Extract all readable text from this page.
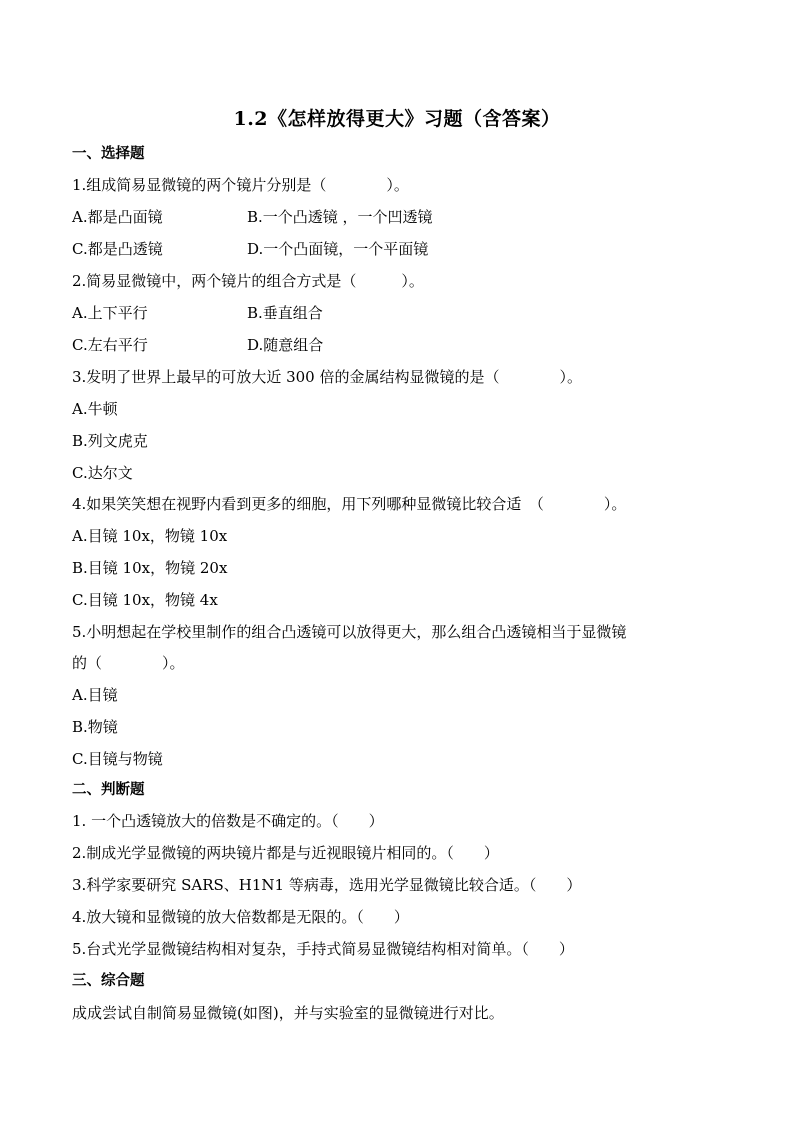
1.2《怎样放得更大》习题（含答案）
一、选择题
1.组成简易显微镜的两个镜片分别是（　　　　）。
A.都是凸面镜	B.一个凸透镜 ，一个凹透镜
C.都是凸透镜	D.一个凸面镜，一个平面镜
2.简易显微镜中，两个镜片的组合方式是（　　　）。
A.上下平行	B.垂直组合
C.左右平行	D.随意组合
3.发明了世界上最早的可放大近 300 倍的金属结构显微镜的是（　　　　）。
A.牛顿
B.列文虎克
C.达尔文
4.如果笑笑想在视野内看到更多的细胞，用下列哪种显微镜比较合适　（　　　　）。
A.目镜 10x，物镜 10x
B.目镜 10x，物镜 20x
C.目镜 10x，物镜 4x
5.小明想起在学校里制作的组合凸透镜可以放得更大，那么组合凸透镜相当于显微镜
的（　　　　）。
A.目镜
B.物镜
C.目镜与物镜
二、判断题
1. 一个凸透镜放大的倍数是不确定的。（　　）
2.制成光学显微镜的两块镜片都是与近视眼镜片相同的。（　　）
3.科学家要研究 SARS、H1N1 等病毒，选用光学显微镜比较合适。（　　）
4.放大镜和显微镜的放大倍数都是无限的。（　　）
5.台式光学显微镜结构相对复杂，手持式简易显微镜结构相对简单。（　　）
三、综合题
成成尝试自制简易显微镜(如图)，并与实验室的显微镜进行对比。
